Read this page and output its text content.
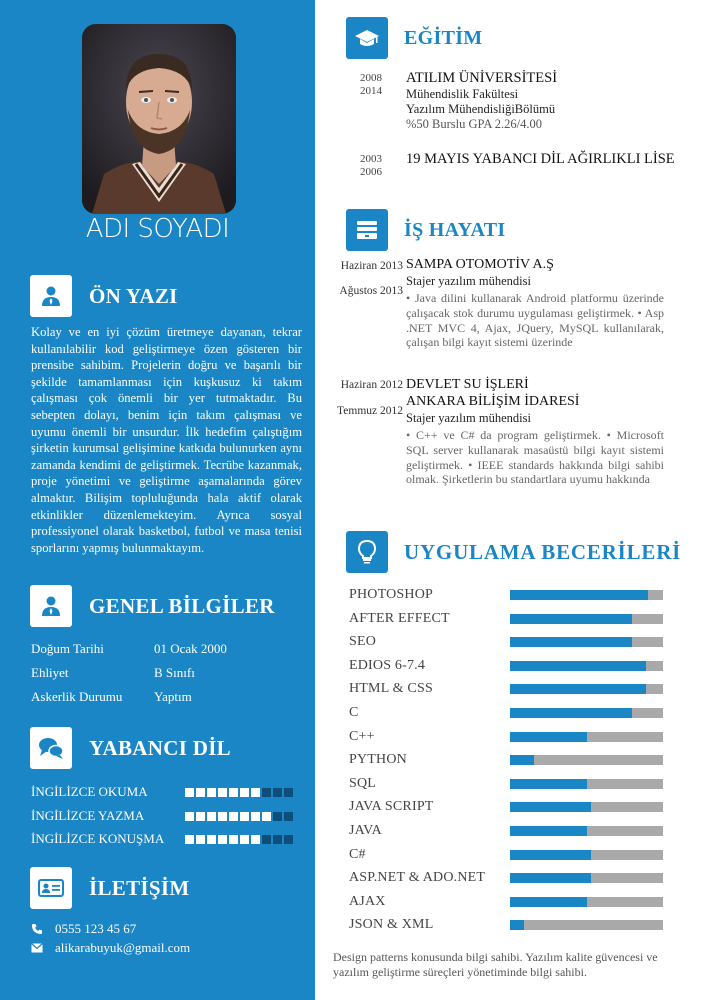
ADI SOYADI
ÖN YAZI
Kolay ve en iyi çözüm üretmeye dayanan, tekrar kullanılabilir kod geliştirmeye özen gösteren bir prensibe sahibim. Projelerin doğru ve başarılı bir şekilde tamamlanması için kuşkusuz ki takım çalışması çok önemli bir yer tutmaktadır. Bu sebepten dolayı, benim için takım çalışması ve uyumu önemli bir unsurdur. İlk hedefim çalıştığım şirketin kurumsal gelişimine katkıda bulunurken aynı zamanda kendimi de geliştirmek. Tecrübe kazanmak, proje yönetimi ve geliştirme aşamalarında görev almaktır. Bilişim topluluğunda hala aktif olarak etkinlikler düzenlemekteyim. Ayrıca sosyal professiyonel olarak basketbol, futbol ve masa tenisi sporlarını yapmış bulunmaktayım.
GENEL BİLGİLER
Doğum Tarihi	01 Ocak 2000
Ehliyet	B Sınıfı
Askerlik Durumu Yaptım
YABANCI DİL
İNGİLİZCE OKUMA
İNGİLİZCE YAZMA
İNGİLİZCE KONUŞMA
İLETİŞİM
0555 123 45 67
alikarabuyuk@gmail.com
EĞİTİM
2008
2014
ATILIM ÜNİVERSİTESİ
Mühendislik Fakültesi
Yazılım MühendisliğiBölümü
%50 Burslu GPA 2.26/4.00
2003
2006
19 MAYIS YABANCI DİL AĞIRLIKLI LİSE
İŞ HAYATI
Haziran 2013
Ağustos 2013
SAMPA OTOMOTİV A.Ş
Stajer yazılım mühendisi
• Java dilini kullanarak Android platformu üzerinde çalışacak stok durumu uygulaması geliştirmek. • Asp .NET MVC 4, Ajax, JQuery, MySQL kullanılarak, çalışan bilgi kayıt sistemi üzerinde
Haziran 2012
Temmuz 2012
DEVLET SU İŞLERİ
ANKARA BİLİŞİM İDARESİ
Stajer yazılım mühendisi
• C++ ve C# da program geliştirmek. • Microsoft SQL server kullanarak masaüstü bilgi kayıt sistemi geliştirmek. • IEEE standards hakkında bilgi sahibi olmak. Şirketlerin bu standartlara uyumu hakkında
UYGULAMA BECERİLERİ
PHOTOSHOP
AFTER EFFECT
SEO
EDIOS 6-7.4
HTML & CSS
C
C++
PYTHON
SQL
JAVA SCRIPT
JAVA
C#
ASP.NET & ADO.NET
AJAX
JSON & XML
Design patterns konusunda bilgi sahibi. Yazılım kalite güvencesi ve yazılım geliştirme süreçleri yönetiminde bilgi sahibi.
